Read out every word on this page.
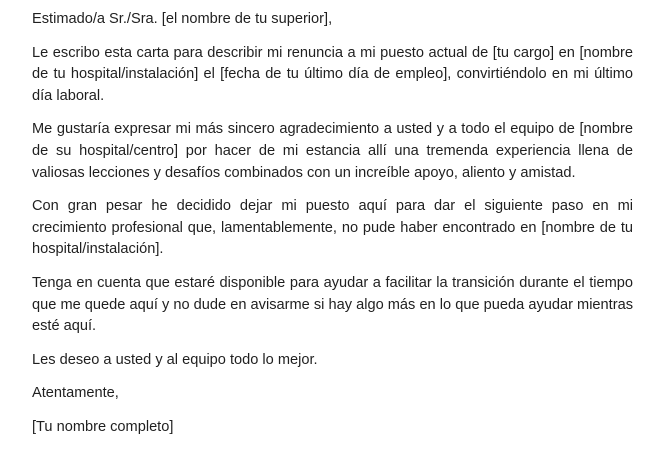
Estimado/a Sr./Sra. [el nombre de tu superior],

Le escribo esta carta para describir mi renuncia a mi puesto actual de [tu cargo] en [nombre de tu hospital/instalación] el [fecha de tu último día de empleo], convirtiéndolo en mi último día laboral.

Me gustaría expresar mi más sincero agradecimiento a usted y a todo el equipo de [nombre de su hospital/centro] por hacer de mi estancia allí una tremenda experiencia llena de valiosas lecciones y desafíos combinados con un increíble apoyo, aliento y amistad.

Con gran pesar he decidido dejar mi puesto aquí para dar el siguiente paso en mi crecimiento profesional que, lamentablemente, no pude haber encontrado en [nombre de tu hospital/instalación].

Tenga en cuenta que estaré disponible para ayudar a facilitar la transición durante el tiempo que me quede aquí y no dude en avisarme si hay algo más en lo que pueda ayudar mientras esté aquí.

Les deseo a usted y al equipo todo lo mejor.

Atentamente,

[Tu nombre completo]
